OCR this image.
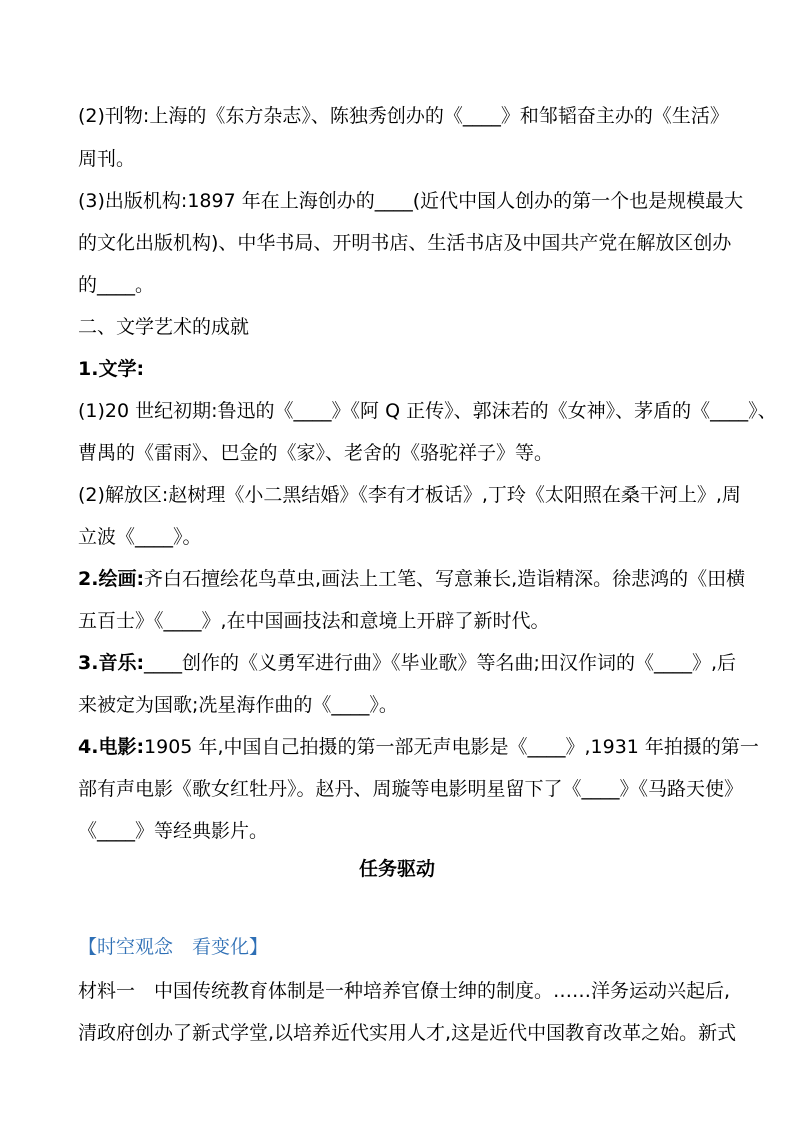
(2)刊物:上海的《东方杂志》、陈独秀创办的《____》和邹韬奋主办的《生活》
周刊。
(3)出版机构:1897 年在上海创办的____(近代中国人创办的第一个也是规模最大
的文化出版机构)、中华书局、开明书店、生活书店及中国共产党在解放区创办
的____。
二、文学艺术的成就
1.文学:
(1)20 世纪初期:鲁迅的《____》《阿 Q 正传》、郭沫若的《女神》、茅盾的《____》、
曹禺的《雷雨》、巴金的《家》、老舍的《骆驼祥子》等。
(2)解放区:赵树理《小二黑结婚》《李有才板话》,丁玲《太阳照在桑干河上》,周
立波《____》。
2.绘画:齐白石擅绘花鸟草虫,画法上工笔、写意兼长,造诣精深。徐悲鸿的《田横
五百士》《____》,在中国画技法和意境上开辟了新时代。
3.音乐:____创作的《义勇军进行曲》《毕业歌》等名曲;田汉作词的《____》,后
来被定为国歌;冼星海作曲的《____》。
4.电影:1905 年,中国自己拍摄的第一部无声电影是《____》,1931 年拍摄的第一
部有声电影《歌女红牡丹》。赵丹、周璇等电影明星留下了《____》《马路天使》
《____》等经典影片。
任务驱动
【时空观念　看变化】
材料一　中国传统教育体制是一种培养官僚士绅的制度。……洋务运动兴起后,
清政府创办了新式学堂,以培养近代实用人才,这是近代中国教育改革之始。新式
